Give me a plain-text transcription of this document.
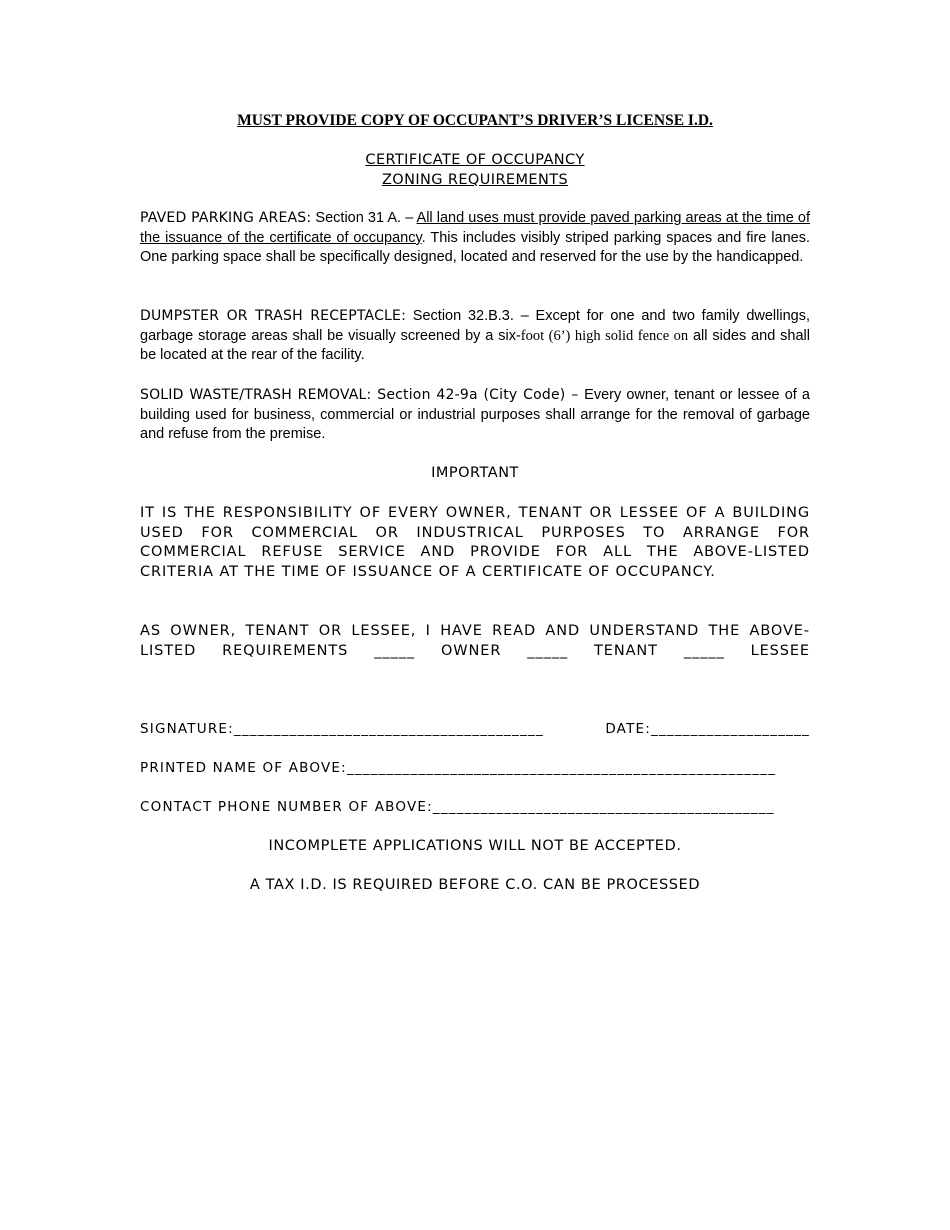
MUST PROVIDE COPY OF OCCUPANT’S DRIVER’S LICENSE I.D.
CERTIFICATE OF OCCUPANCY
ZONING REQUIREMENTS
PAVED PARKING AREAS: Section 31 A. – All land uses must provide paved parking areas at the time of the issuance of the certificate of occupancy. This includes visibly striped parking spaces and fire lanes. One parking space shall be specifically designed, located and reserved for the use by the handicapped.
DUMPSTER OR TRASH RECEPTACLE: Section 32.B.3. – Except for one and two family dwellings, garbage storage areas shall be visually screened by a six-foot (6’) high solid fence on all sides and shall be located at the rear of the facility.
SOLID WASTE/TRASH REMOVAL: Section 42-9a (City Code) – Every owner, tenant or lessee of a building used for business, commercial or industrial purposes shall arrange for the removal of garbage and refuse from the premise.
IMPORTANT
IT IS THE RESPONSIBILITY OF EVERY OWNER, TENANT OR LESSEE OF A BUILDING USED FOR COMMERCIAL OR INDUSTRICAL PURPOSES TO ARRANGE FOR COMMERCIAL REFUSE SERVICE AND PROVIDE FOR ALL THE ABOVE-LISTED CRITERIA AT THE TIME OF ISSUANCE OF A CERTIFICATE OF OCCUPANCY.
AS OWNER, TENANT OR LESSEE, I HAVE READ AND UNDERSTAND THE ABOVE-LISTED REQUIREMENTS _____ OWNER _____ TENANT _____ LESSEE
SIGNATURE:_______________________________________	DATE:____________________
PRINTED NAME OF ABOVE:______________________________________________________
CONTACT PHONE NUMBER OF ABOVE:___________________________________________
INCOMPLETE APPLICATIONS WILL NOT BE ACCEPTED.
A TAX I.D. IS REQUIRED BEFORE C.O. CAN BE PROCESSED
